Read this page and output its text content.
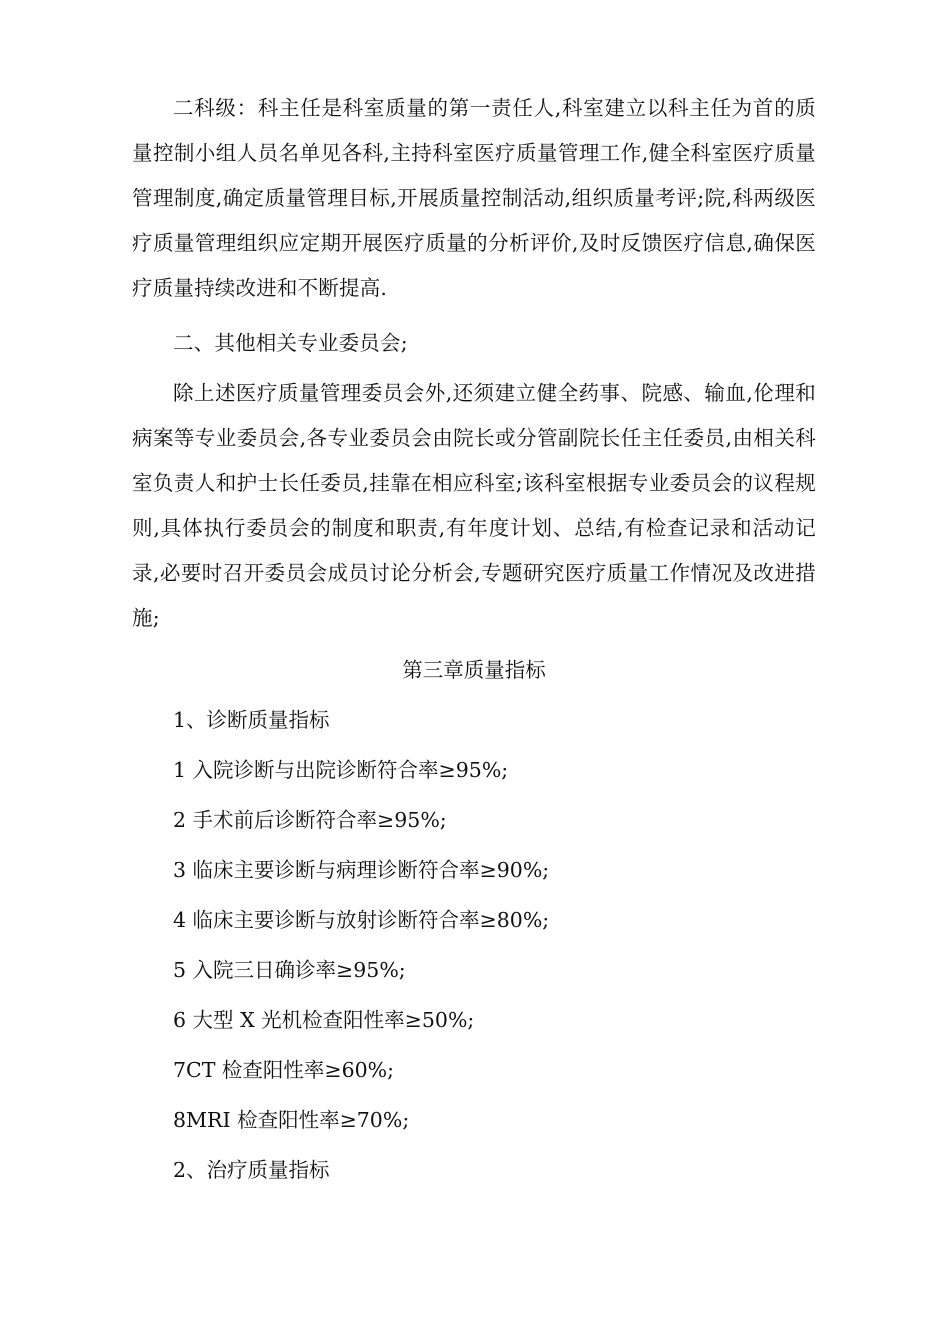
二科级：科主任是科室质量的第一责任人,科室建立以科主任为首的质量控制小组人员名单见各科,主持科室医疗质量管理工作,健全科室医疗质量管理制度,确定质量管理目标,开展质量控制活动,组织质量考评;院,科两级医疗质量管理组织应定期开展医疗质量的分析评价,及时反馈医疗信息,确保医疗质量持续改进和不断提高.

二、其他相关专业委员会;

除上述医疗质量管理委员会外,还须建立健全药事、院感、输血,伦理和病案等专业委员会,各专业委员会由院长或分管副院长任主任委员,由相关科室负责人和护士长任委员,挂靠在相应科室;该科室根据专业委员会的议程规则,具体执行委员会的制度和职责,有年度计划、总结,有检查记录和活动记录,必要时召开委员会成员讨论分析会,专题研究医疗质量工作情况及改进措施;

第三章质量指标

1、诊断质量指标

1 入院诊断与出院诊断符合率≥95%;

2 手术前后诊断符合率≥95%;

3 临床主要诊断与病理诊断符合率≥90%;

4 临床主要诊断与放射诊断符合率≥80%;

5 入院三日确诊率≥95%;

6 大型 X 光机检查阳性率≥50%;

7CT 检查阳性率≥60%;

8MRI 检查阳性率≥70%;

2、治疗质量指标
